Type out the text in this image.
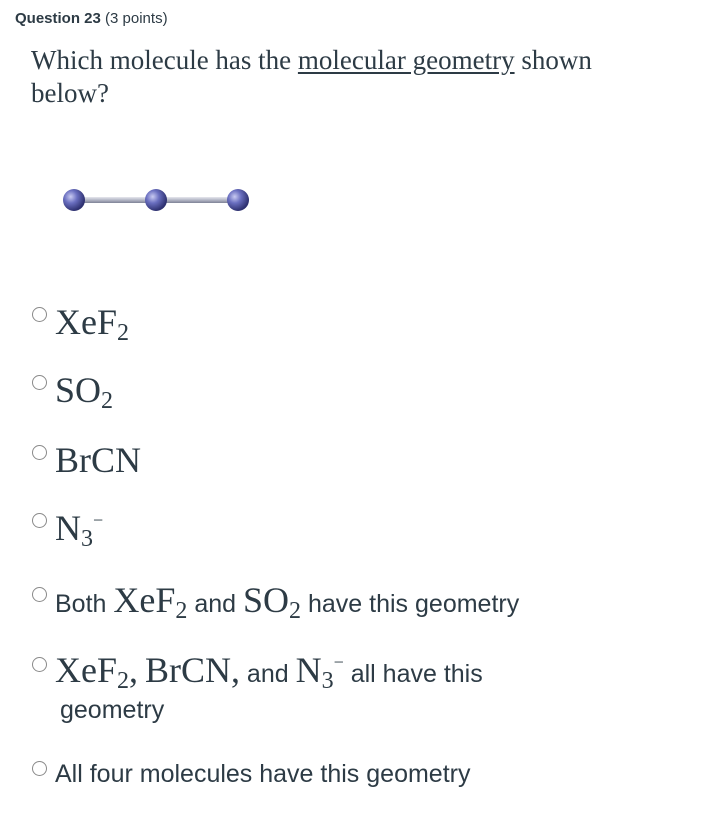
Question 23 (3 points)
Which molecule has the molecular geometry shown below?
XeF$_2$
$SO_2$
BrCN
$N_3^-$
Both XeF$_2$ and $SO_2$ have this geometry
XeF$_2$, BrCN, and $N_3^-$ all have this
geometry
All four molecules have this geometry
